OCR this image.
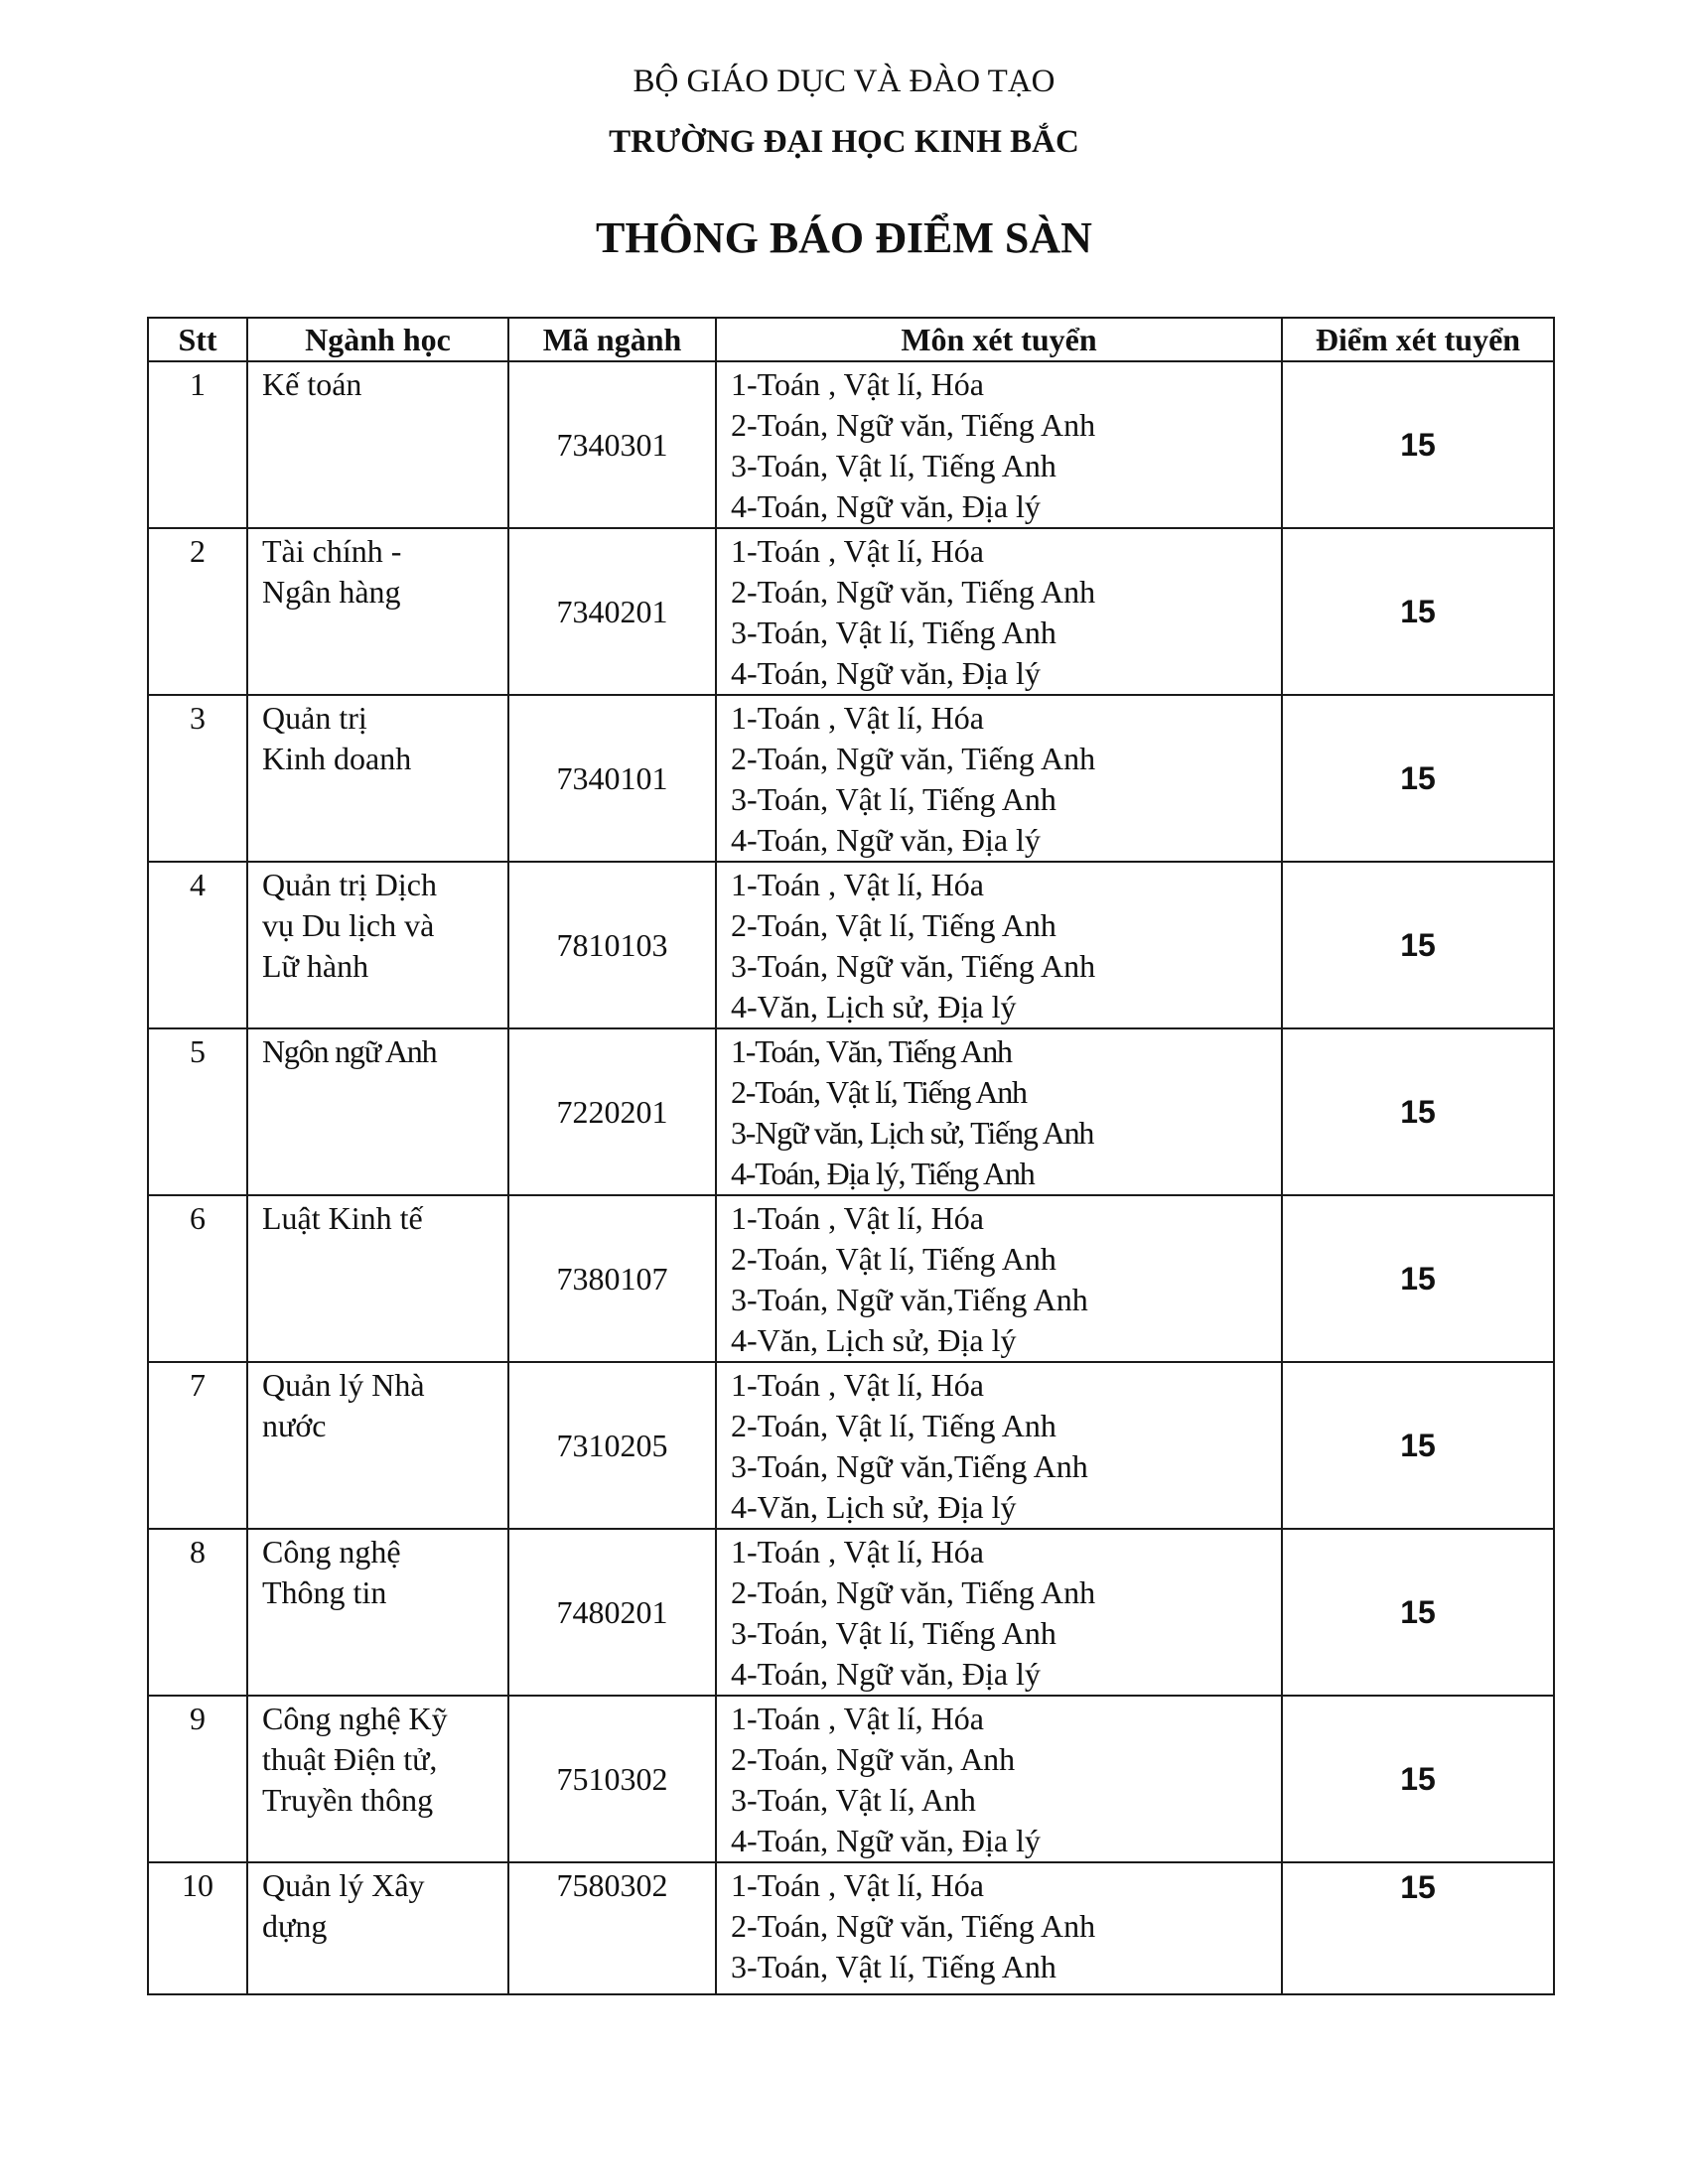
BỘ GIÁO DỤC VÀ ĐÀO TẠO
TRƯỜNG ĐẠI HỌC KINH BẮC
THÔNG BÁO ĐIỂM SÀN
Stt	Ngành học	Mã ngành	Môn xét tuyển	Điểm xét tuyển
1	Kế toán	7340301	1-Toán , Vật lí, Hóa
2-Toán, Ngữ văn, Tiếng Anh
3-Toán, Vật lí, Tiếng Anh
4-Toán, Ngữ văn, Địa lý	15
2	Tài chính -
Ngân hàng	7340201	1-Toán , Vật lí, Hóa
2-Toán, Ngữ văn, Tiếng Anh
3-Toán, Vật lí, Tiếng Anh
4-Toán, Ngữ văn, Địa lý	15
3	Quản trị
Kinh doanh	7340101	1-Toán , Vật lí, Hóa
2-Toán, Ngữ văn, Tiếng Anh
3-Toán, Vật lí, Tiếng Anh
4-Toán, Ngữ văn, Địa lý	15
4	Quản trị Dịch
vụ Du lịch và
Lữ hành	7810103	1-Toán , Vật lí, Hóa
2-Toán, Vật lí, Tiếng Anh
3-Toán, Ngữ văn, Tiếng Anh
4-Văn, Lịch sử, Địa lý	15
5	Ngôn ngữ Anh	7220201	1-Toán, Văn, Tiếng Anh
2-Toán, Vật lí, Tiếng Anh
3-Ngữ văn, Lịch sử, Tiếng Anh
4-Toán, Địa lý, Tiếng Anh	15
6	Luật Kinh tế	7380107	1-Toán , Vật lí, Hóa
2-Toán, Vật lí, Tiếng Anh
3-Toán, Ngữ văn,Tiếng Anh
4-Văn, Lịch sử, Địa lý	15
7	Quản lý Nhà
nước	7310205	1-Toán , Vật lí, Hóa
2-Toán, Vật lí, Tiếng Anh
3-Toán, Ngữ văn,Tiếng Anh
4-Văn, Lịch sử, Địa lý	15
8	Công nghệ
Thông tin	7480201	1-Toán , Vật lí, Hóa
2-Toán, Ngữ văn, Tiếng Anh
3-Toán, Vật lí, Tiếng Anh
4-Toán, Ngữ văn, Địa lý	15
9	Công nghệ Kỹ
thuật Điện tử,
Truyền thông	7510302	1-Toán , Vật lí, Hóa
2-Toán, Ngữ văn, Anh
3-Toán, Vật lí, Anh
4-Toán, Ngữ văn, Địa lý	15
10	Quản lý Xây
dựng	7580302	1-Toán , Vật lí, Hóa
2-Toán, Ngữ văn, Tiếng Anh
3-Toán, Vật lí, Tiếng Anh	15
